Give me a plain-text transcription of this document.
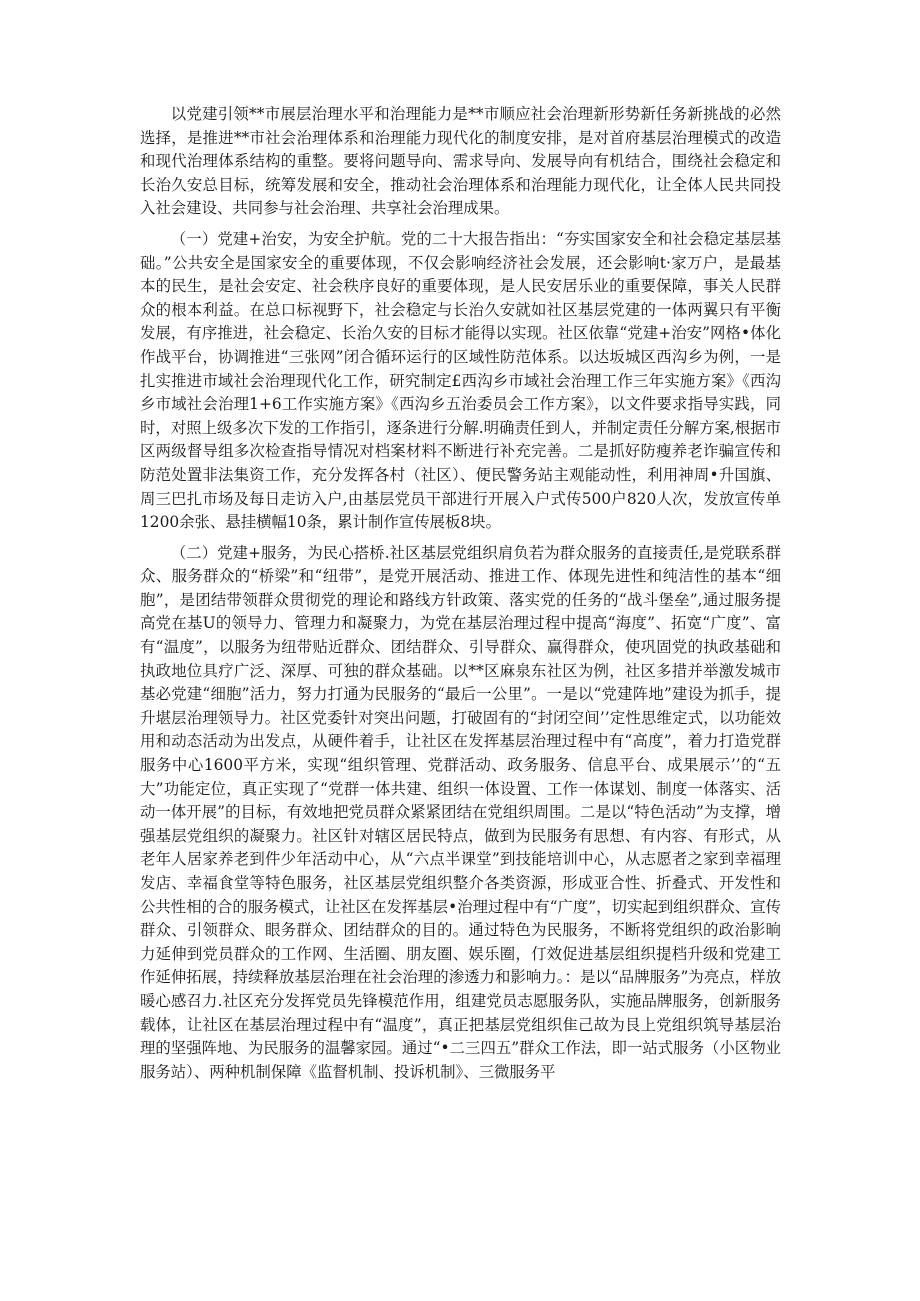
以党建引领**市展层治理水平和治理能力是**市顺应社会治理新形势新任务新挑战的必然选择，是推进**市社会治理体系和治理能力现代化的制度安排，是对首府基层治理模式的改造和现代治理体系结构的重整。要将问题导向、需求导向、发展导向有机结合，围绕社会稳定和长治久安总目标，统筹发展和安全，推动社会治理体系和治理能力现代化，让全体人民共同投入社会建设、共同参与社会治理、共享社会治理成果。

（一）党建+治安，为安全护航。党的二十大报告指出：“夯实国家安全和社会稳定基层基础。”公共安全是国家安全的重要体现，不仅会影响经济社会发展，还会影响t·家万户，是最基本的民生，是社会安定、社会秩序良好的重要体现，是人民安居乐业的重要保障，事关人民群众的根本利益。在总口标视野下，社会稳定与长治久安就如社区基层党建的一体两翼只有平衡发展，有序推进，社会稳定、长治久安的目标才能得以实现。社区依靠“党建+治安”网格•体化作战平台，协调推进“三张网”闭合循环运行的区域性防范体系。以达坂城区西沟乡为例，一是扎实推进市域社会治理现代化工作，研究制定£西沟乡市域社会治理工作三年实施方案》《西沟乡市域社会治理1+6工作实施方案》《西沟乡五治委员会工作方案》，以文件要求指导实践，同时，对照上级多次下发的工作指引，逐条进行分解.明确责任到人，并制定责任分解方案,根据市区两级督导组多次检查指导情况对档案材料不断进行补充完善。二是抓好防瘦养老诈骗宣传和防范处置非法集资工作，充分发挥各村（社区）、便民警务站主观能动性，利用神周•升国旗、周三巴扎市场及每日走访入户,由基层党员干部进行开展入户式传500户820人次，发放宣传单1200余张、悬挂横幅10条，累计制作宣传展板8块。

（二）党建+服务，为民心搭桥.社区基层党组织肩负若为群众服务的直接责任,是党联系群众、服务群众的“桥梁”和“纽带”，是党开展活动、推进工作、体现先进性和纯洁性的基本“细胞”，是团结带领群众贯彻党的理论和路线方针政策、落实党的任务的“战斗堡垒”,通过服务提高党在基U的领导力、管理力和凝聚力，为党在基层治理过程中提高“海度”、拓宽“广度”、富有“温度”，以服务为纽带贴近群众、团结群众、引导群众、赢得群众，使巩固党的执政基础和执政地位具疗广泛、深厚、可独的群众基础。以**区麻泉东社区为例，社区多措并举激发城市基必党建“细胞”活力，努力打通为民服务的“最后一公里”。一是以“党建阵地”建设为抓手，提升堪层治理领导力。社区党委针对突出问题，打破固有的“封闭空间’’定性思维定式，以功能效用和动态活动为出发点，从硬件着手，让社区在发挥基层治理过程中有“高度”，着力打造党群服务中心1600平方米，实现“组织管理、党群活动、政务服务、信息平台、成果展示’’的“五大”功能定位，真正实现了“党群一体共建、组织一体设置、工作一体谋划、制度一体落实、活动一体开展”的目标，有效地把党员群众紧紧团结在党组织周围。二是以“特色活动”为支撑，增强基层党组织的凝聚力。社区针对辖区居民特点，做到为民服务有思想、有内容、有形式，从老年人居家养老到件少年活动中心，从“六点半课堂”到技能培训中心，从志愿者之家到幸福理发店、幸福食堂等特色服务，社区基层党组织整介各类资源，形成亚合性、折叠式、开发性和公共性相的合的服务模式，让社区在发挥基层•治理过程中有“广度”，切实起到组织群众、宣传群众、引领群众、眼务群众、团结群众的目的。通过特色为民服务，不断将党组织的政治影晌力延伸到党员群众的工作网、生活圈、朋友圈、娱乐圈，仃效促进基层组织提档升级和党建工作延伸拓展，持续释放基层治理在社会治理的渗透力和影响力。：是以“品牌服务”为亮点，样放暖心感召力.社区充分发挥党员先锋模范作用，组建党员志愿服务队，实施品牌服务，创新服务载体，让社区在基层治理过程中有“温度”，真正把基层党组织隹己故为艮上党组织筑导基层治理的坚强阵地、为民服务的温馨家园。通过“•二三四五”群众工作法，即一站式服务（小区物业服务站）、两种机制保障《监督机制、投诉机制》、三微服务平
